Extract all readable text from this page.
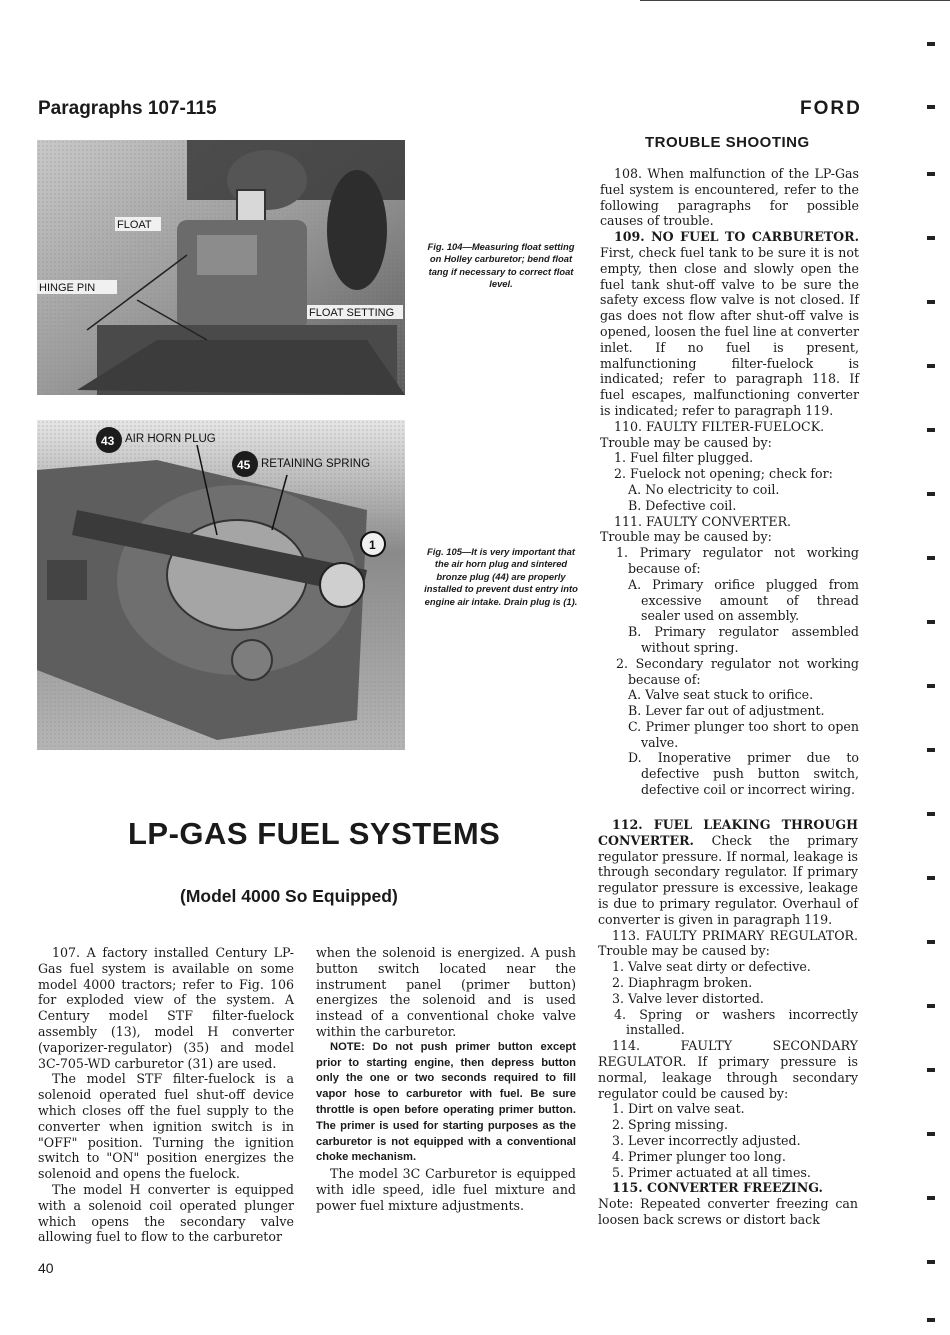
Paragraphs 107-115	FORD
FLOAT
HINGE PIN
FLOAT SETTING
Fig. 104—Measuring float setting on Holley carburetor; bend float tang if necessary to correct float level.
43
45
1
AIR HORN PLUG
RETAINING SPRING
Fig. 105—It is very important that the air horn plug and sintered bronze plug (44) are properly installed to prevent dust entry into engine air intake. Drain plug is (1).
TROUBLE SHOOTING

108. When malfunction of the LP-Gas fuel system is encountered, refer to the following paragraphs for possible causes of trouble.

109. NO FUEL TO CARBURETOR. First, check fuel tank to be sure it is not empty, then close and slowly open the fuel tank shut-off valve to be sure the safety excess flow valve is not closed. If gas does not flow after shut-off valve is opened, loosen the fuel line at converter inlet. If no fuel is present, malfunctioning filter-fuelock is indicated; refer to paragraph 118. If fuel escapes, malfunctioning converter is indicated; refer to paragraph 119.

110. FAULTY FILTER-FUELOCK.

Trouble may be caused by:

1. Fuel filter plugged.

2. Fuelock not opening; check for:

A. No electricity to coil.

B. Defective coil.

111. FAULTY CONVERTER.

Trouble may be caused by:

1. Primary regulator not working because of:

A. Primary orifice plugged from excessive amount of thread sealer used on assembly.

B. Primary regulator assembled without spring.

2. Secondary regulator not working because of:

A. Valve seat stuck to orifice.

B. Lever far out of adjustment.

C. Primer plunger too short to open valve.

D. Inoperative primer due to defective push button switch, defective coil or incorrect wiring.

LP-GAS FUEL SYSTEMS
(Model 4000 So Equipped)

107. A factory installed Century LP-Gas fuel system is available on some model 4000 tractors; refer to Fig. 106 for exploded view of the system. A Century model STF filter-fuelock assembly (13), model H converter (vaporizer-regulator) (35) and model 3C-705-WD carburetor (31) are used.

The model STF filter-fuelock is a solenoid operated fuel shut-off device which closes off the fuel supply to the converter when ignition switch is in "OFF" position. Turning the ignition switch to "ON" position energizes the solenoid and opens the fuelock.

The model H converter is equipped with a solenoid coil operated plunger which opens the secondary valve allowing fuel to flow to the carburetor

when the solenoid is energized. A push button switch located near the instrument panel (primer button) energizes the solenoid and is used instead of a conventional choke valve within the carburetor.

NOTE: Do not push primer button except prior to starting engine, then depress button only the one or two seconds required to fill vapor hose to carburetor with fuel. Be sure throttle is open before operating primer button. The primer is used for starting purposes as the carburetor is not equipped with a conventional choke mechanism.

The model 3C Carburetor is equipped with idle speed, idle fuel mixture and power fuel mixture adjustments.

112. FUEL LEAKING THROUGH CONVERTER. Check the primary regulator pressure. If normal, leakage is through secondary regulator. If primary regulator pressure is excessive, leakage is due to primary regulator. Overhaul of converter is given in paragraph 119.

113. FAULTY PRIMARY REGULATOR. Trouble may be caused by:

1. Valve seat dirty or defective.

2. Diaphragm broken.

3. Valve lever distorted.

4. Spring or washers incorrectly installed.

114. FAULTY SECONDARY REGULATOR. If primary pressure is normal, leakage through secondary regulator could be caused by:

1. Dirt on valve seat.

2. Spring missing.

3. Lever incorrectly adjusted.

4. Primer plunger too long.

5. Primer actuated at all times.

115. CONVERTER FREEZING.

Note: Repeated converter freezing can loosen back screws or distort back

40
